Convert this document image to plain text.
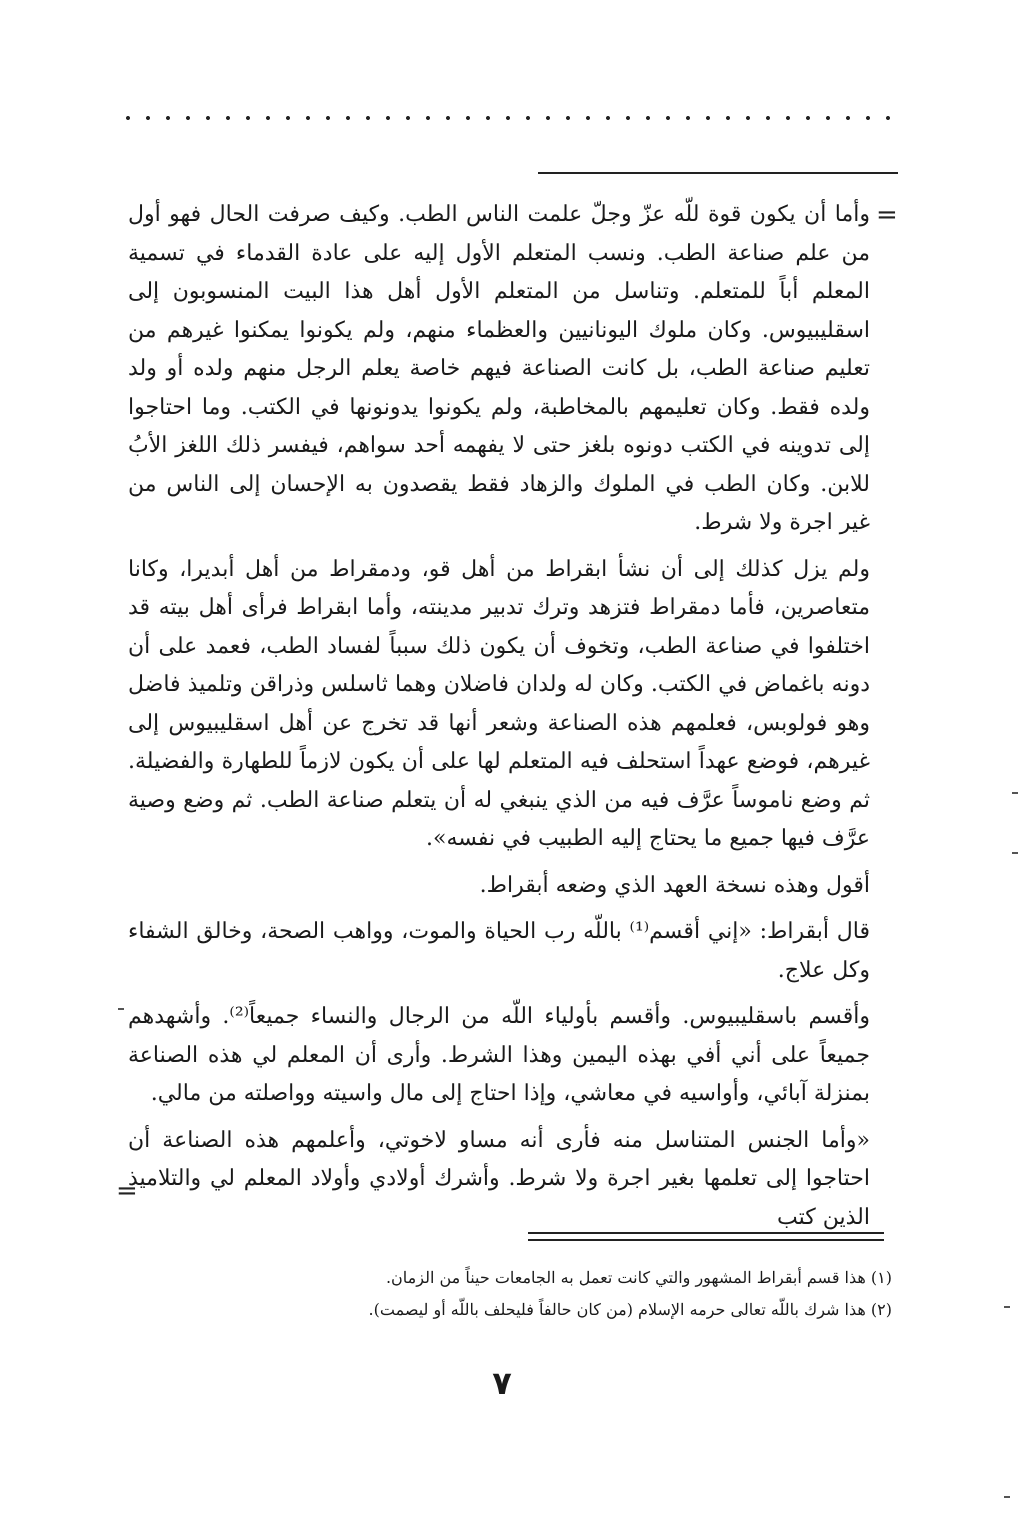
=

وأما أن يكون قوة للّه عزّ وجلّ علمت الناس الطب. وكيف صرفت الحال فهو أول من علم صناعة الطب. ونسب المتعلم الأول إليه على عادة القدماء في تسمية المعلم أباً للمتعلم. وتناسل من المتعلم الأول أهل هذا البيت المنسوبون إلى اسقليبيوس. وكان ملوك اليونانيين والعظماء منهم، ولم يكونوا يمكنوا غيرهم من تعليم صناعة الطب، بل كانت الصناعة فيهم خاصة يعلم الرجل منهم ولده أو ولد ولده فقط. وكان تعليمهم بالمخاطبة، ولم يكونوا يدونونها في الكتب. وما احتاجوا إلى تدوينه في الكتب دونوه بلغز حتى لا يفهمه أحد سواهم، فيفسر ذلك اللغز الأبُ للابن. وكان الطب في الملوك والزهاد فقط يقصدون به الإحسان إلى الناس من غير اجرة ولا شرط.

ولم يزل كذلك إلى أن نشأ ابقراط من أهل قو، ودمقراط من أهل أبديرا، وكانا متعاصرين، فأما دمقراط فتزهد وترك تدبير مدينته، وأما ابقراط فرأى أهل بيته قد اختلفوا في صناعة الطب، وتخوف أن يكون ذلك سبباً لفساد الطب، فعمد على أن دونه باغماض في الكتب. وكان له ولدان فاضلان وهما ثاسلس وذراقن وتلميذ فاضل وهو فولوبس، فعلمهم هذه الصناعة وشعر أنها قد تخرج عن أهل اسقليبيوس إلى غيرهم، فوضع عهداً استحلف فيه المتعلم لها على أن يكون لازماً للطهارة والفضيلة. ثم وضع ناموساً عرَّف فيه من الذي ينبغي له أن يتعلم صناعة الطب. ثم وضع وصية عرَّف فيها جميع ما يحتاج إليه الطبيب في نفسه».

أقول وهذه نسخة العهد الذي وضعه أبقراط.

قال أبقراط: «إني أقسم⁽¹⁾ باللّه رب الحياة والموت، وواهب الصحة، وخالق الشفاء وكل علاج.

وأقسم باسقليبيوس. وأقسم بأولياء اللّه من الرجال والنساء جميعاً⁽²⁾. وأشهدهم جميعاً على أني أفي بهذه اليمين وهذا الشرط. وأرى أن المعلم لي هذه الصناعة بمنزلة آبائي، وأواسيه في معاشي، وإذا احتاج إلى مال واسيته وواصلته من مالي.

«وأما الجنس المتناسل منه فأرى أنه مساو لاخوتي، وأعلمهم هذه الصناعة أن احتاجوا إلى تعلمها بغير اجرة ولا شرط. وأشرك أولادي وأولاد المعلم لي والتلاميذ الذين كتب

=
(١) هذا قسم أبقراط المشهور والتي كانت تعمل به الجامعات حيناً من الزمان.
(٢) هذا شرك باللّه تعالى حرمه الإسلام (من كان حالفاً فليحلف باللّه أو ليصمت).
٧
